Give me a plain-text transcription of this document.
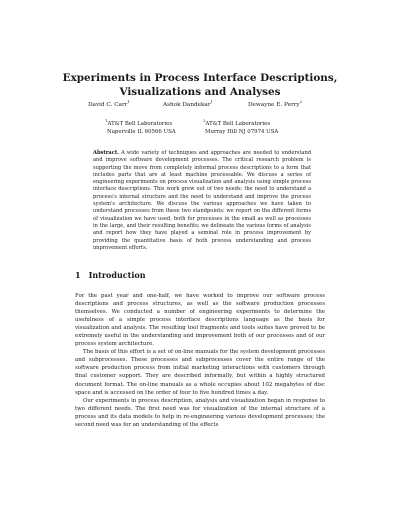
Experiments in Process Interface Descriptions,
Visualizations and Analyses
David C. Carr$^1$
Ashok Dandekar$^1$
Dewayne E. Perry$^2$
$^1$AT&T Bell Laboratories
Naperville IL 60566 USA
$^2$AT&T Bell Laboratories
Murray Hill NJ 07974 USA
Abstract. A wide variety of techniques and approaches are needed to understand and improve software development processes. The critical research problem is supporting the move from completely informal process descriptions to a form that includes parts that are at least machine processable. We discuss a series of engineering experiments on process visualization and analysis using simple process interface descriptions. This work grew out of two needs: the need to understand a process's internal structure and the need to understand and improve the process system's architecture. We discuss the various approaches we have taken to understand processes from these two standpoints: we report on the different forms of visualization we have used, both for processes in the small as well as processes in the large, and their resulting benefits; we delineate the various forms of analysis and report how they have played a seminal role in process improvement by providing the quantitative basis of both process understanding and process improvement efforts.
1 Introduction

For the past year and one-half, we have worked to improve our software process descriptions and process structures, as well as the software production processes themselves. We conducted a number of engineering experiments to determine the usefulness of a simple process interface descriptions language as the basis for visualization and analysis. The resulting tool fragments and tools suites have proved to be extremely useful in the understanding and improvement both of our processes and of our process system architecture.

The basis of this effort is a set of on-line manuals for the system development processes and subprocesses. These processes and subprocesses cover the entire range of the software production process from initial marketing interactions with customers through final customer support. They are described informally, but within a highly structured document format. The on-line manuals as a whole occupies about 102 megabytes of disc space and is accessed on the order of four to five hundred times a day.

Our experiments in process description, analysis and visualization began in response to two different needs. The first need was for visualization of the internal structure of a process and its data models to help in re-engineering various development processes; the second need was for an understanding of the effects
